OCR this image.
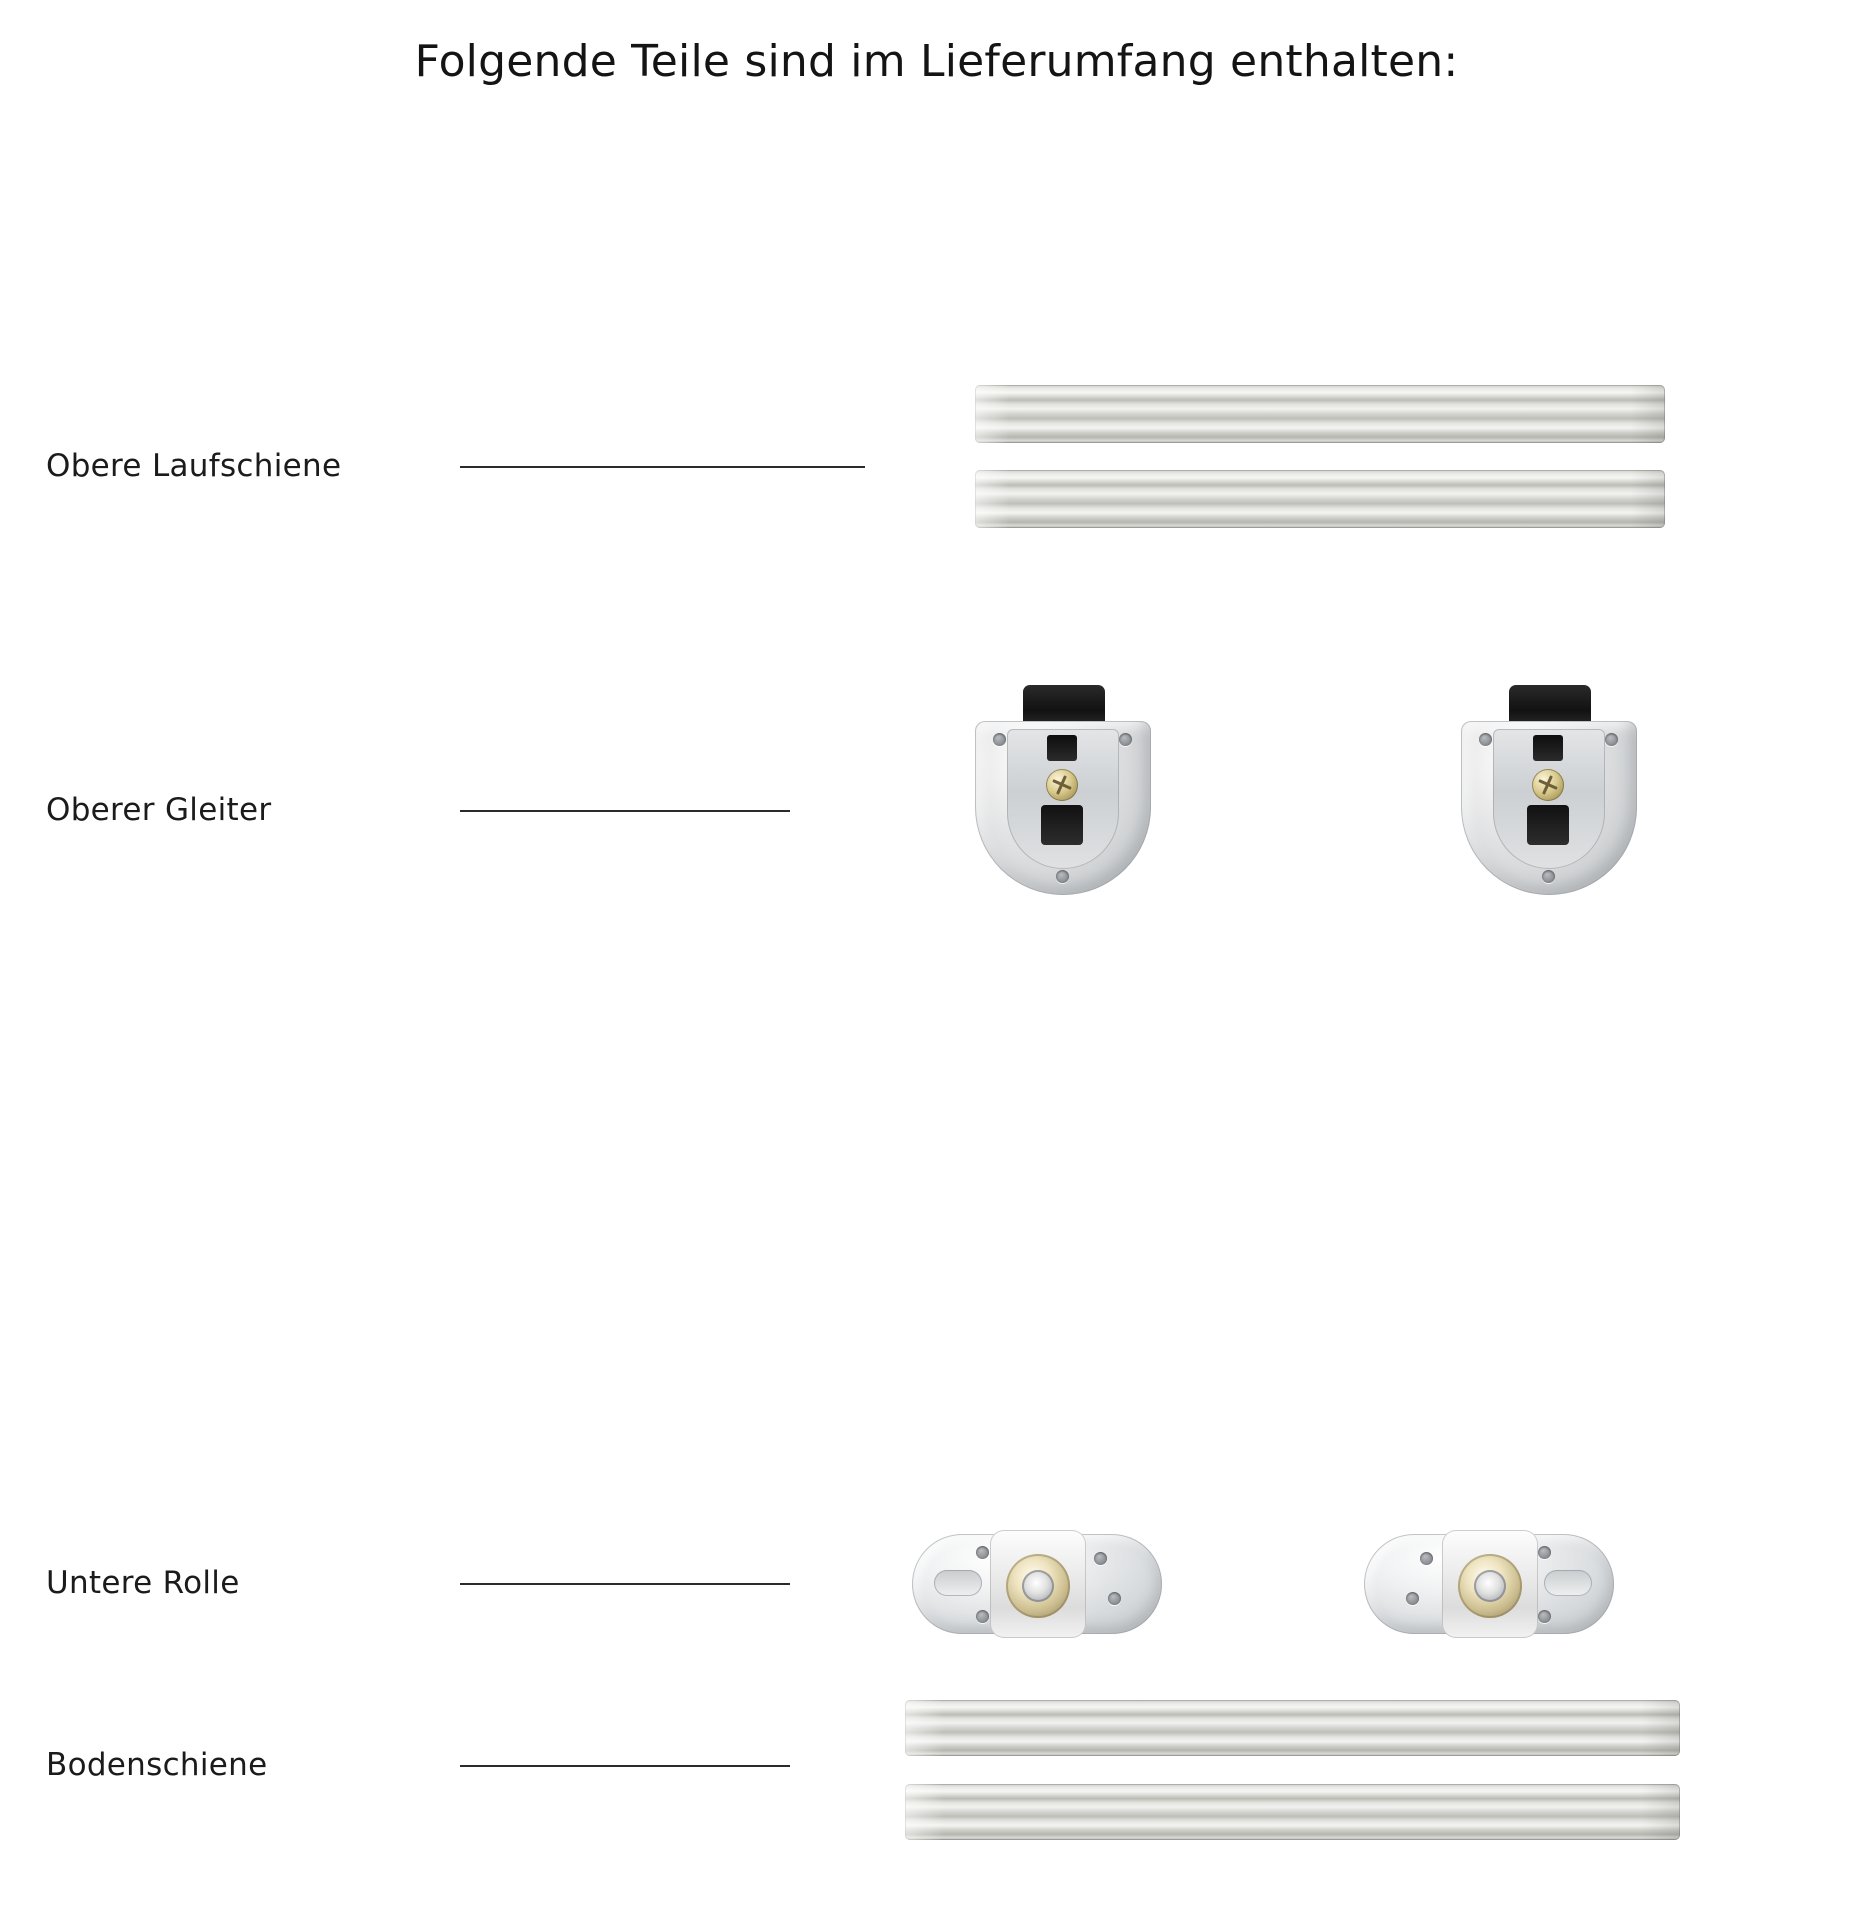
Folgende Teile sind im Lieferumfang enthalten:
Obere Laufschiene
Oberer Gleiter
Untere Rolle
Bodenschiene
